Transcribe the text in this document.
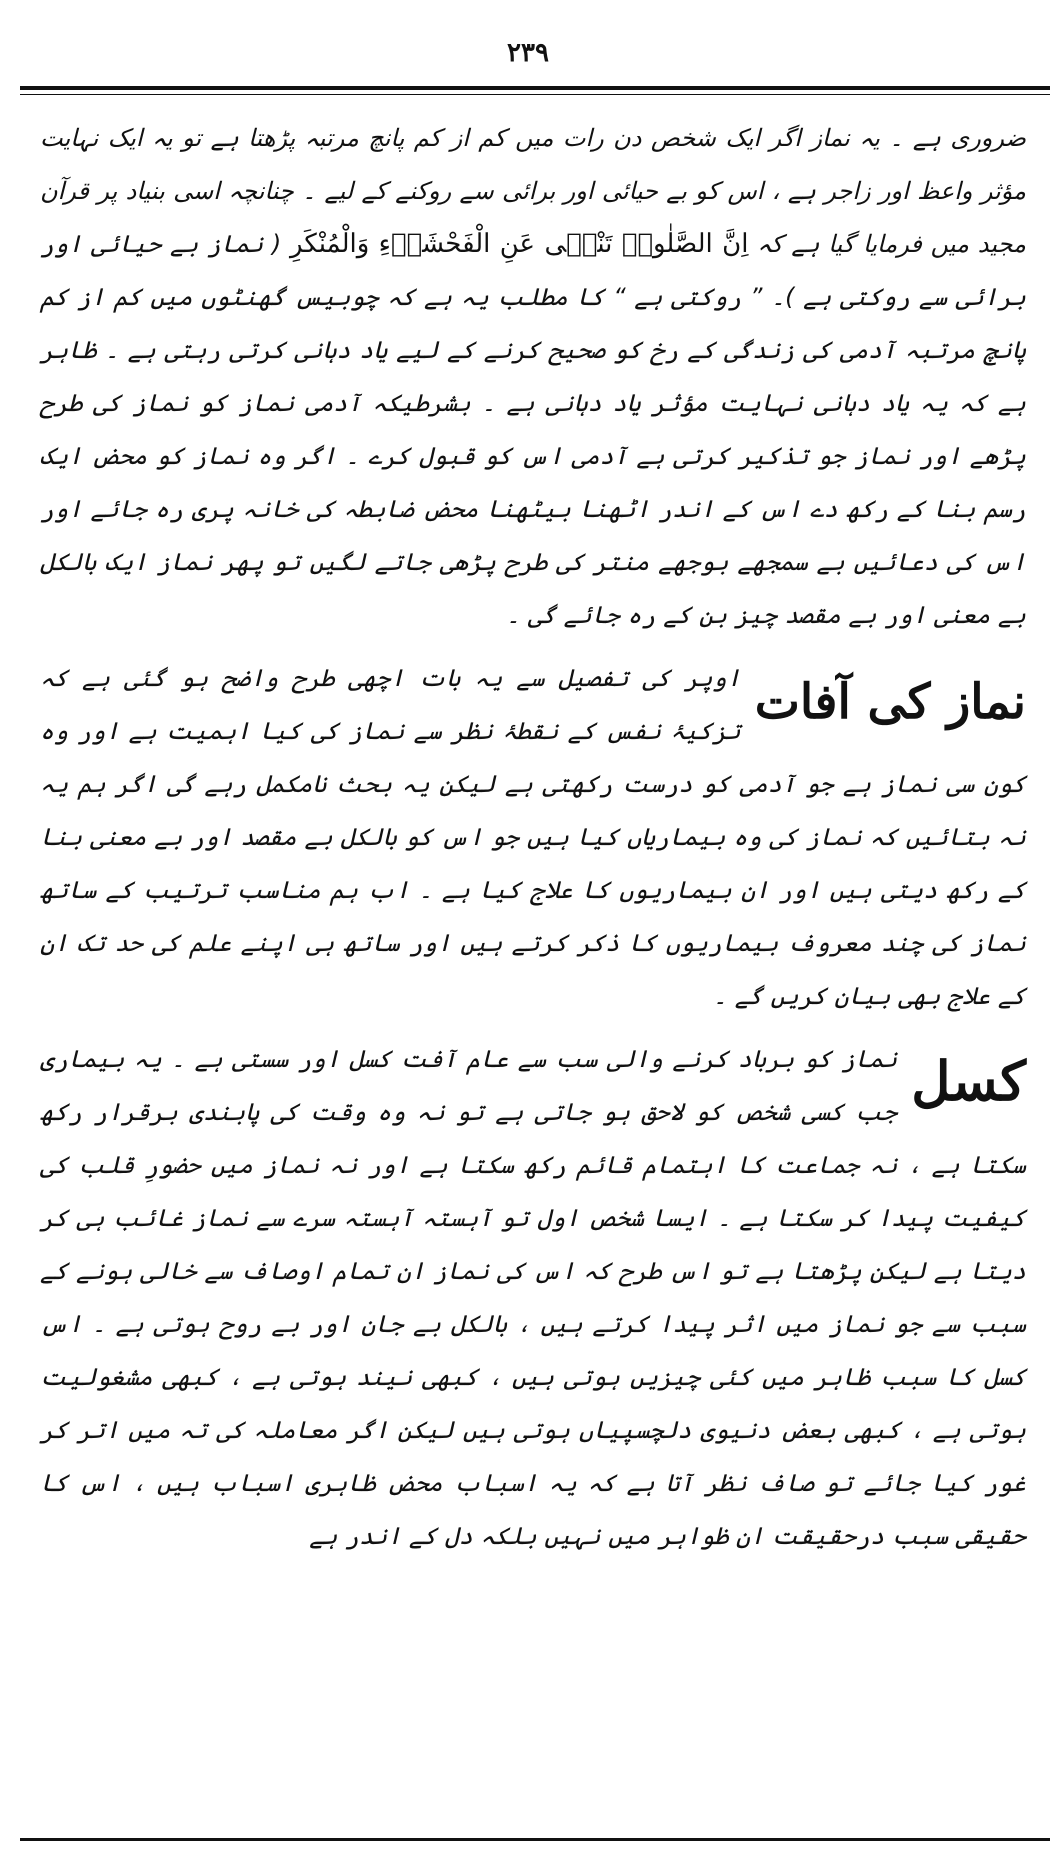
۲۳۹

ضروری ہے ۔ یہ نماز اگر ایک شخص دن رات میں کم از کم پانچ مرتبہ پڑھتا ہے تو یہ ایک نہایت مؤثر واعظ اور زاجر ہے ، اس کو بے حیائی اور برائی سے روکنے کے لیے ۔ چنانچہ اسی بنیاد پر قرآن مجید میں فرمایا گیا ہے کہ اِنَّ الصَّلٰوۃَ تَنْہٰی عَنِ الْفَحْشَاۗءِ وَالْمُنْكَرِ ( نماز بے حیائی اور برائی سے روکتی ہے )۔ ” روکتی ہے “ کا مطلب یہ ہے کہ چوبیس گھنٹوں میں کم از کم پانچ مرتبہ آدمی کی زندگی کے رخ کو صحیح کرنے کے لیے یاد دہانی کرتی رہتی ہے ۔ ظاہر ہے کہ یہ یاد دہانی نہایت مؤثر یاد دہانی ہے ۔ بشرطیکہ آدمی نماز کو نماز کی طرح پڑھے اور نماز جو تذکیر کرتی ہے آدمی اس کو قبول کرے ۔ اگر وہ نماز کو محض ایک رسم بنا کے رکھ دے اس کے اندر اٹھنا بیٹھنا محض ضابطہ کی خانہ پری رہ جائے اور اس کی دعائیں بے سمجھے بوجھے منتر کی طرح پڑھی جاتے لگیں تو پھر نماز ایک بالکل بے معنی اور بے مقصد چیز بن کے رہ جائے گی ۔

نماز کی آفات
اوپر کی تفصیل سے یہ بات اچھی طرح واضح ہو گئی ہے کہ تزکیۂ نفس کے نقطۂ نظر سے نماز کی کیا اہمیت ہے اور وہ کون سی نماز ہے جو آدمی کو درست رکھتی ہے لیکن یہ بحث نامکمل رہے گی اگر ہم یہ نہ بتائیں کہ نماز کی وہ بیماریاں کیا ہیں جو اس کو بالکل بے مقصد اور بے معنی بنا کے رکھ دیتی ہیں اور ان بیماریوں کا علاج کیا ہے ۔ اب ہم مناسب ترتیب کے ساتھ نماز کی چند معروف بیماریوں کا ذکر کرتے ہیں اور ساتھ ہی اپنے علم کی حد تک ان کے علاج بھی بیان کریں گے ۔

کسل
نماز کو برباد کرنے والی سب سے عام آفت کسل اور سستی ہے ۔ یہ بیماری جب کسی شخص کو لاحق ہو جاتی ہے تو نہ وہ وقت کی پابندی برقرار رکھ سکتا ہے ، نہ جماعت کا اہتمام قائم رکھ سکتا ہے اور نہ نماز میں حضورِ قلب کی کیفیت پیدا کر سکتا ہے ۔ ایسا شخص اول تو آہستہ آہستہ سرے سے نماز غائب ہی کر دیتا ہے لیکن پڑھتا ہے تو اس طرح کہ اس کی نماز ان تمام اوصاف سے خالی ہونے کے سبب سے جو نماز میں اثر پیدا کرتے ہیں ، بالکل بے جان اور بے روح ہوتی ہے ۔ اس کسل کا سبب ظاہر میں کئی چیزیں ہوتی ہیں ، کبھی نیند ہوتی ہے ، کبھی مشغولیت ہوتی ہے ، کبھی بعض دنیوی دلچسپیاں ہوتی ہیں لیکن اگر معاملہ کی تہ میں اتر کر غور کیا جائے تو صاف نظر آتا ہے کہ یہ اسباب محض ظاہری اسباب ہیں ، اس کا حقیقی سبب درحقیقت ان ظواہر میں نہیں بلکہ دل کے اندر ہے
